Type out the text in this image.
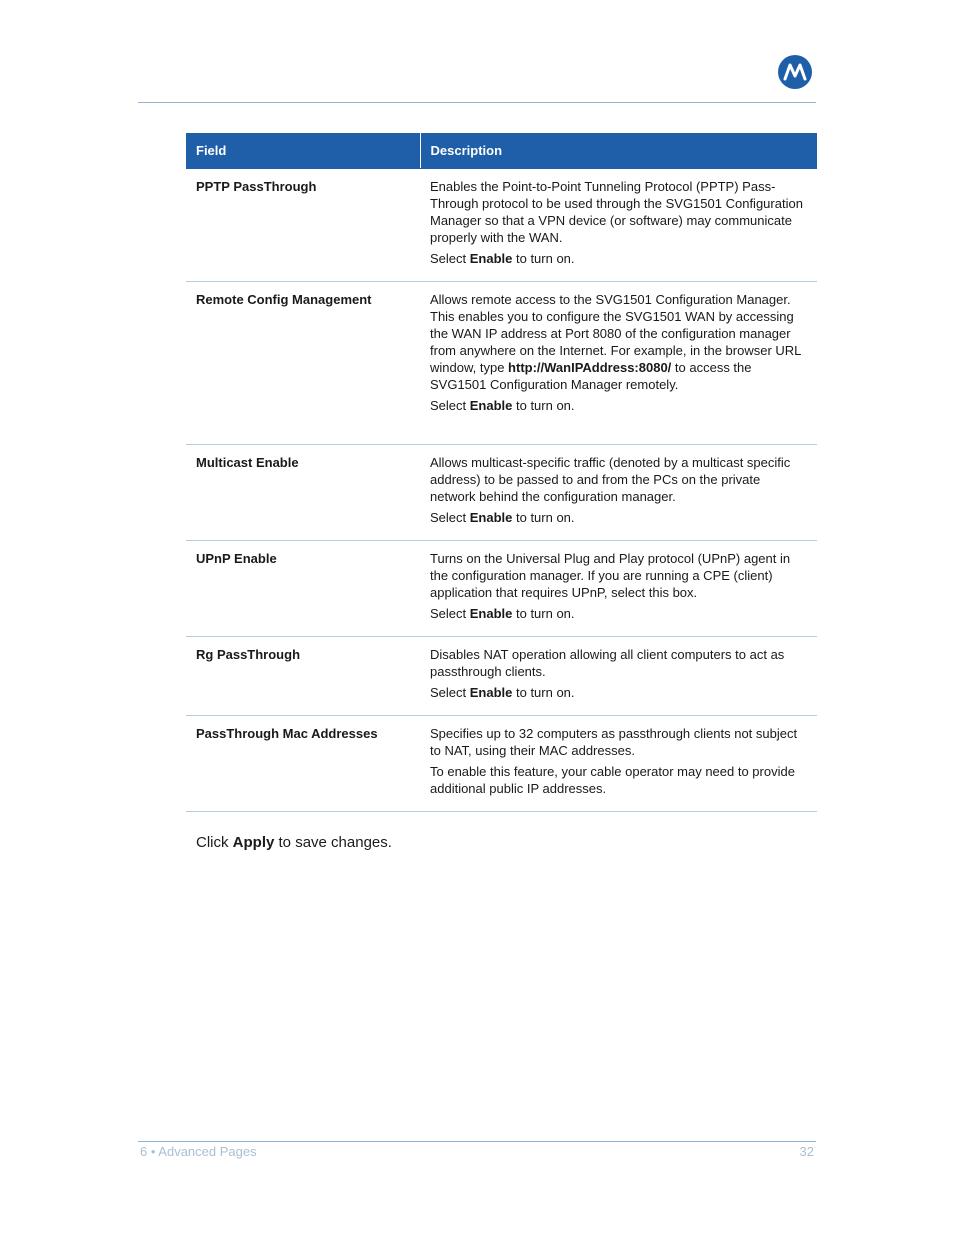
Field	Description
PPTP PassThrough	Enables the Point-to-Point Tunneling Protocol (PPTP) Pass-Through protocol to be used through the SVG1501 Configuration Manager so that a VPN device (or software) may communicate properly with the WAN.

Select Enable to turn on.

Remote Config Management	Allows remote access to the SVG1501 Configuration Manager. This enables you to configure the SVG1501 WAN by accessing the WAN IP address at Port 8080 of the configuration manager from anywhere on the Internet. For example, in the browser URL window, type http://WanIPAddress:8080/ to access the SVG1501 Configuration Manager remotely.

Select Enable to turn on.

Multicast Enable	Allows multicast-specific traffic (denoted by a multicast specific address) to be passed to and from the PCs on the private network behind the configuration manager.

Select Enable to turn on.

UPnP Enable	Turns on the Universal Plug and Play protocol (UPnP) agent in the configuration manager. If you are running a CPE (client) application that requires UPnP, select this box.

Select Enable to turn on.

Rg PassThrough	Disables NAT operation allowing all client computers to act as passthrough clients.

Select Enable to turn on.

PassThrough Mac Addresses	Specifies up to 32 computers as passthrough clients not subject to NAT, using their MAC addresses.

To enable this feature, your cable operator may need to provide additional public IP addresses.

Click Apply to save changes.

6 • Advanced Pages	32
